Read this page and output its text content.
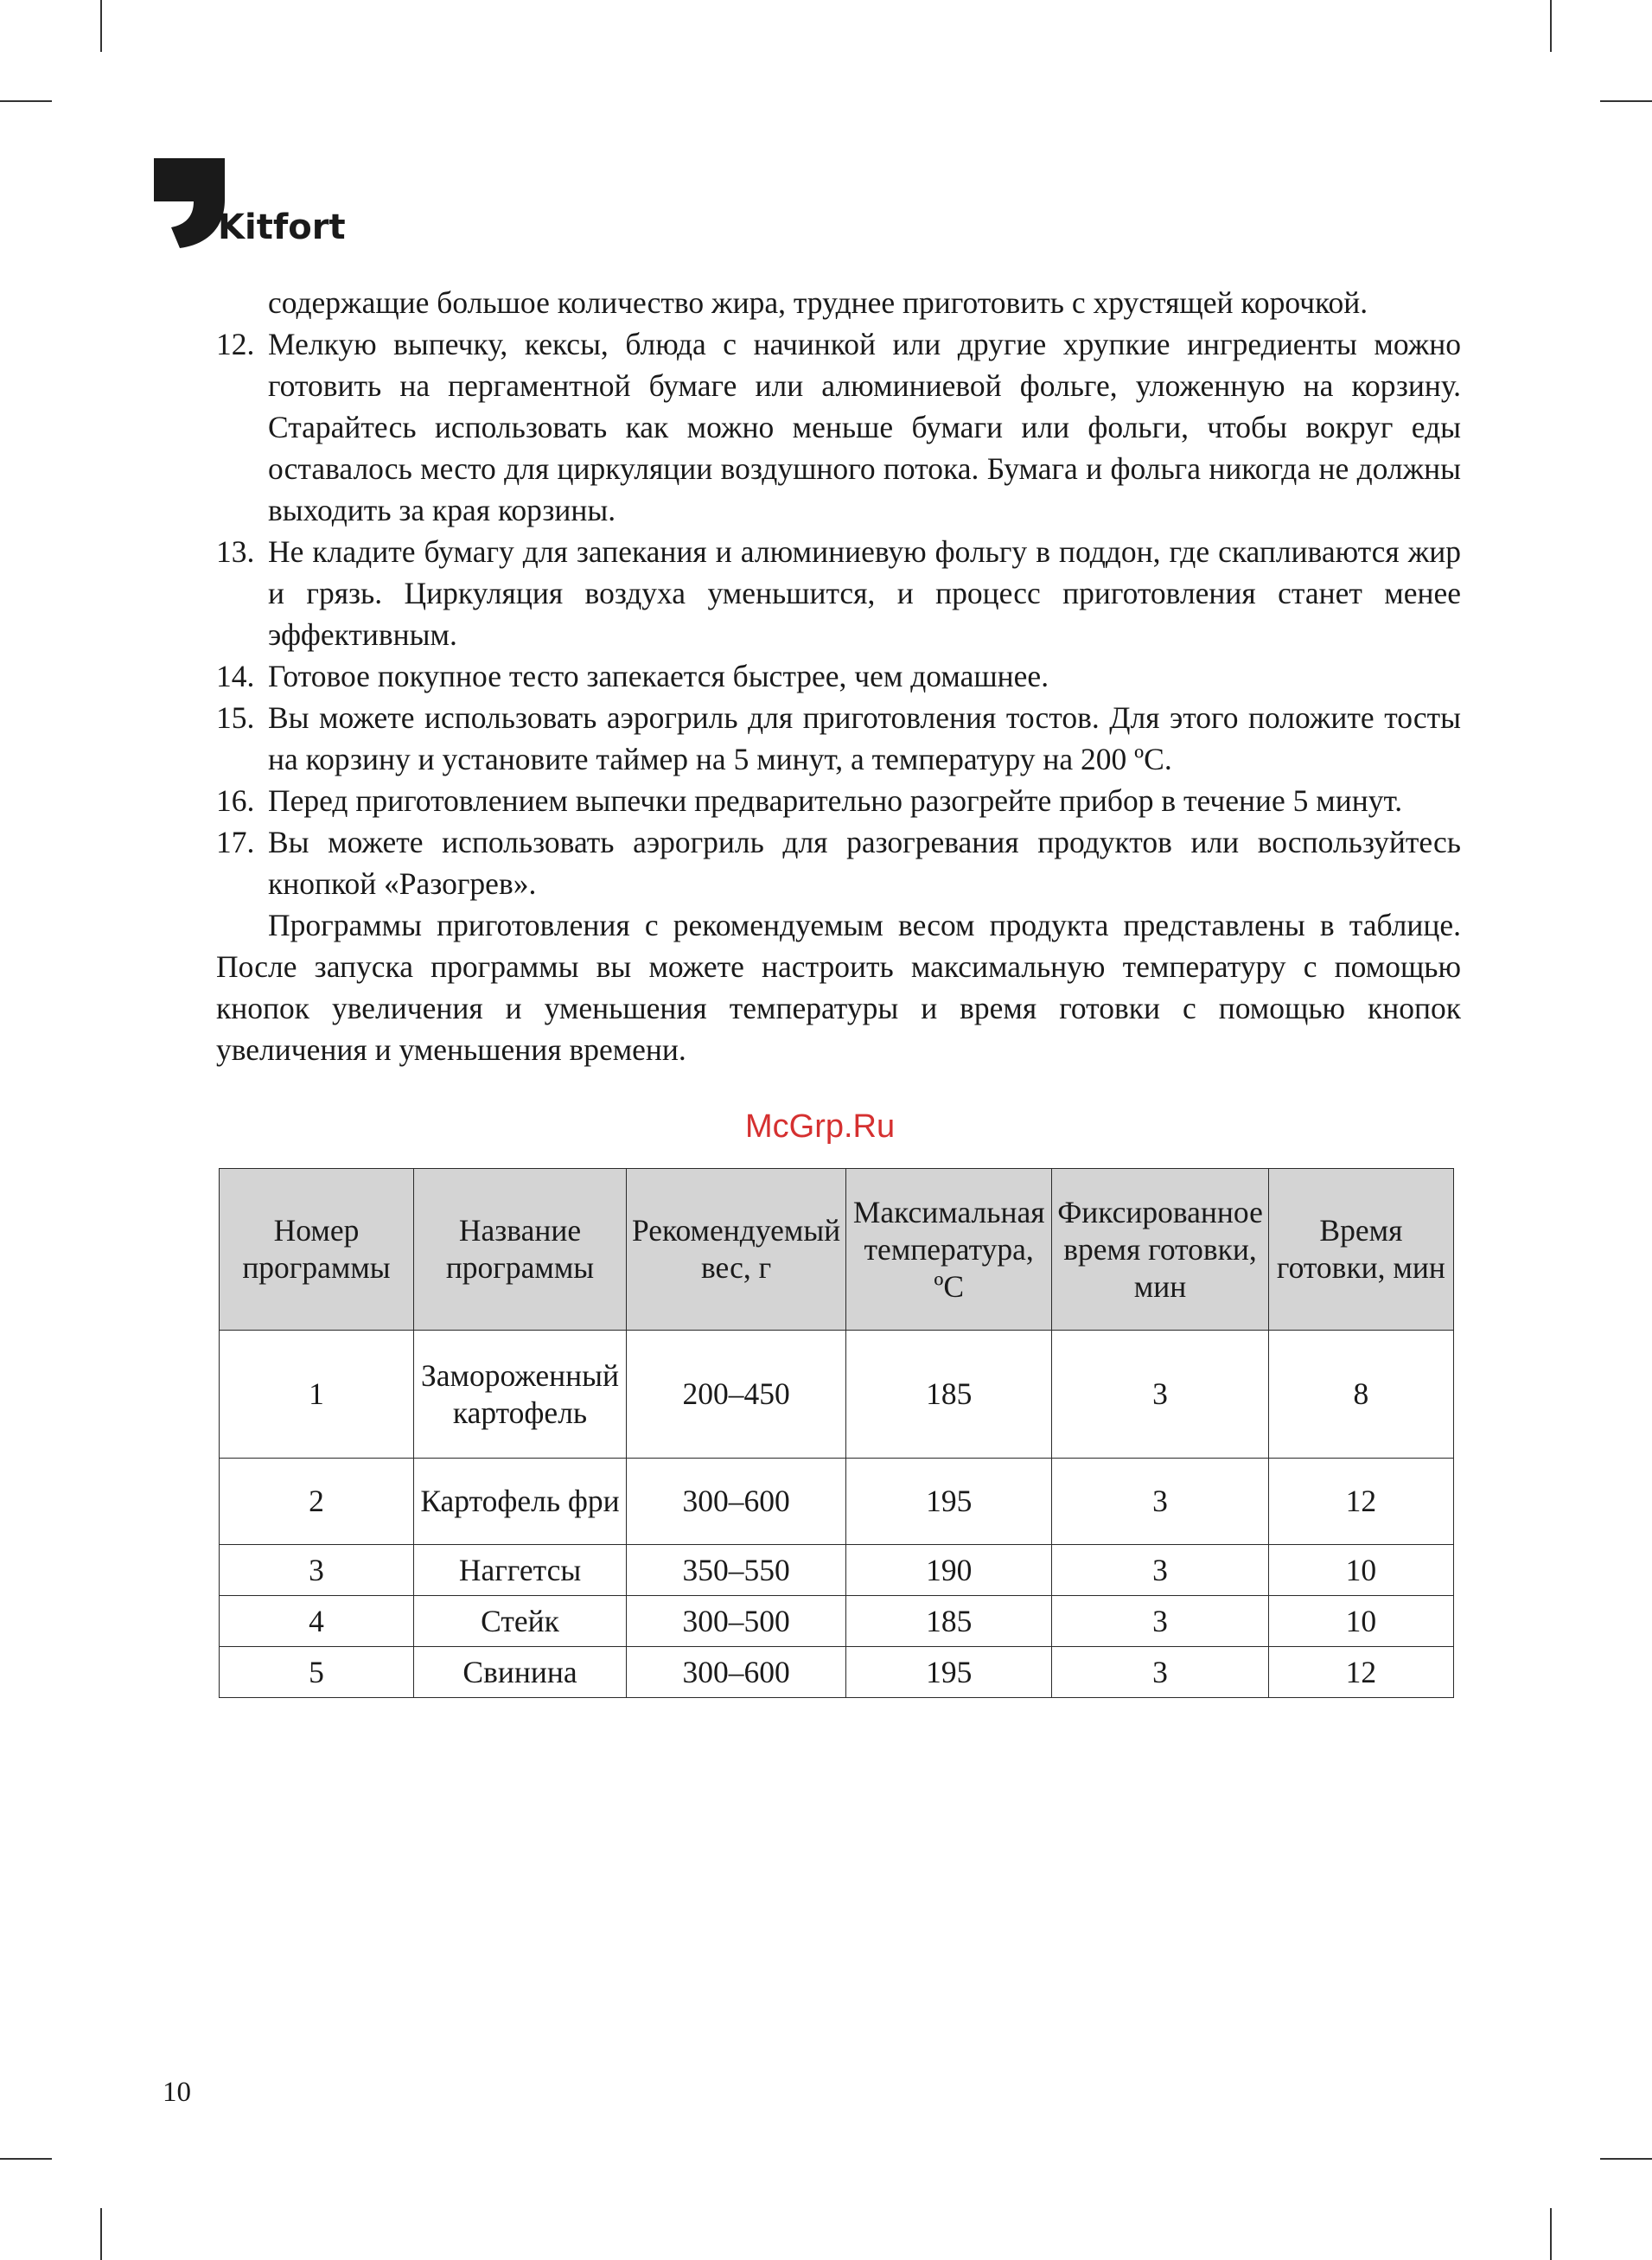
Kitfort
содержащие большое количество жира, труднее приготовить с хрустящей корочкой.
12. Мелкую выпечку, кексы, блюда с начинкой или другие хрупкие ингредиенты можно готовить на пергаментной бумаге или алюминиевой фольге, уложенную на корзину. Старайтесь использовать как можно меньше бумаги или фольги, чтобы вокруг еды оставалось место для циркуляции воздушного потока. Бумага и фольга никогда не должны выходить за края корзины.
13. Не кладите бумагу для запекания и алюминиевую фольгу в поддон, где скапливаются жир и грязь. Циркуляция воздуха уменьшится, и процесс приготовления станет менее эффективным.
14. Готовое покупное тесто запекается быстрее, чем домашнее.
15. Вы можете использовать аэрогриль для приготовления тостов. Для этого положите тосты на корзину и установите таймер на 5 минут, а температуру на 200 ºС.
16. Перед приготовлением выпечки предварительно разогрейте прибор в течение 5 минут.
17. Вы можете использовать аэрогриль для разогревания продуктов или воспользуйтесь кнопкой «Разогрев».
Программы приготовления с рекомендуемым весом продукта представлены в таблице. После запуска программы вы можете настроить максимальную температуру с помощью кнопок увеличения и уменьшения температуры и время готовки с помощью кнопок увеличения и уменьшения времени.
McGrp.Ru
Номер программы	Название программы	Рекомендуемый вес, г	Максимальная температура, ºС	Фиксированное время готовки, мин	Время готовки, мин
1	Замороженный картофель	200–450	185	3	8
2	Картофель фри	300–600	195	3	12
3	Наггетсы	350–550	190	3	10
4	Стейк	300–500	185	3	10
5	Свинина	300–600	195	3	12
10
